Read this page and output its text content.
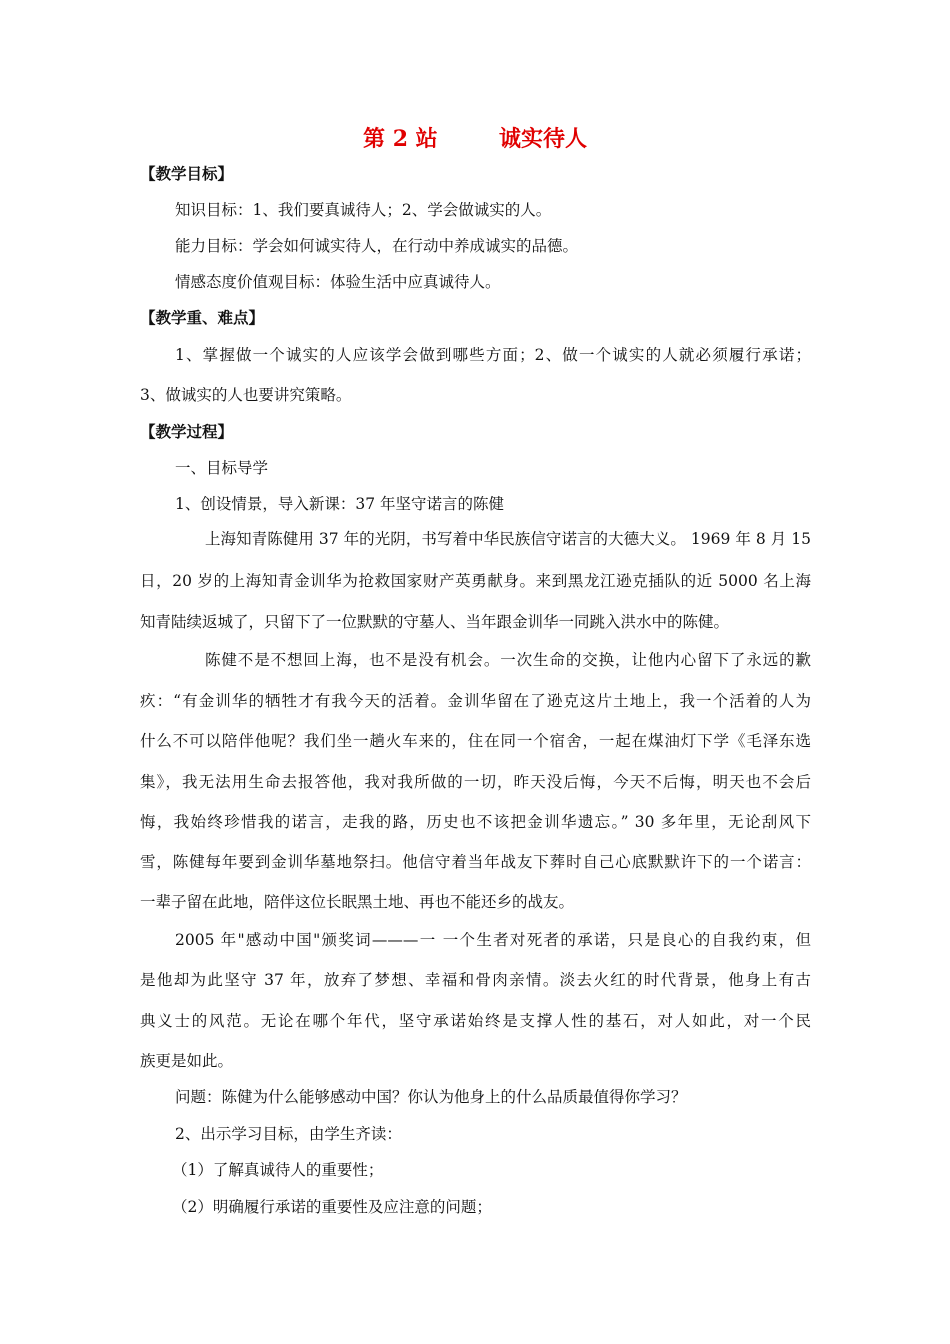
第 2 站        诚实待人
【教学目标】
知识目标：1、我们要真诚待人；2、学会做诚实的人。
能力目标：学会如何诚实待人，在行动中养成诚实的品德。
情感态度价值观目标：体验生活中应真诚待人。
【教学重、难点】
1、掌握做一个诚实的人应该学会做到哪些方面；2、做一个诚实的人就必须履行承诺；
3、做诚实的人也要讲究策略。
【教学过程】
一、目标导学
1、创设情景，导入新课：37 年坚守诺言的陈健
上海知青陈健用 37 年的光阴，书写着中华民族信守诺言的大德大义。 1969 年 8 月 15
日，20 岁的上海知青金训华为抢救国家财产英勇献身。来到黑龙江逊克插队的近 5000 名上海
知青陆续返城了，只留下了一位默默的守墓人、当年跟金训华一同跳入洪水中的陈健。
陈健不是不想回上海，也不是没有机会。一次生命的交换，让他内心留下了永远的歉
疚：“有金训华的牺牲才有我今天的活着。金训华留在了逊克这片土地上，我一个活着的人为
什么不可以陪伴他呢？我们坐一趟火车来的，住在同一个宿舍，一起在煤油灯下学《毛泽东选
集》，我无法用生命去报答他，我对我所做的一切，昨天没后悔，今天不后悔，明天也不会后
悔，我始终珍惜我的诺言，走我的路，历史也不该把金训华遗忘。” 30 多年里，无论刮风下
雪，陈健每年要到金训华墓地祭扫。他信守着当年战友下葬时自己心底默默许下的一个诺言：
一辈子留在此地，陪伴这位长眠黑土地、再也不能还乡的战友。
2005 年"感动中国"颁奖词———一 一个生者对死者的承诺，只是良心的自我约束，但
是他却为此坚守 37 年，放弃了梦想、幸福和骨肉亲情。淡去火红的时代背景，他身上有古
典义士的风范。无论在哪个年代，坚守承诺始终是支撑人性的基石，对人如此，对一个民
族更是如此。
问题：陈健为什么能够感动中国？你认为他身上的什么品质最值得你学习？
2、出示学习目标，由学生齐读：
（1）了解真诚待人的重要性；
（2）明确履行承诺的重要性及应注意的问题；
